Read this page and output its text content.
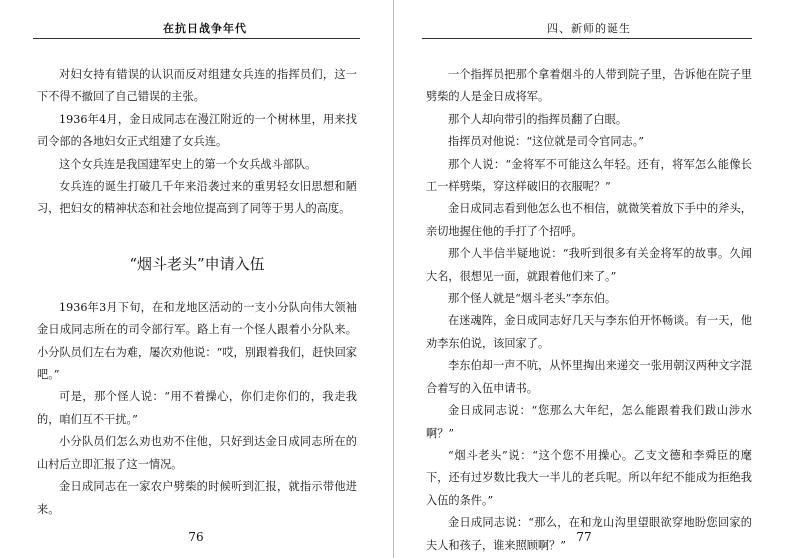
在抗日战争年代

对妇女持有错误的认识而反对组建女兵连的指挥员们，这一下不得不撤回了自己错误的主张。

1936年4月，金日成同志在漫江附近的一个树林里，用来找司令部的各地妇女正式组建了女兵连。

这个女兵连是我国建军史上的第一个女兵战斗部队。

女兵连的诞生打破几千年来沿袭过来的重男轻女旧思想和陋习，把妇女的精神状态和社会地位提高到了同等于男人的高度。

“烟斗老头”申请入伍

1936年3月下旬，在和龙地区活动的一支小分队向伟大领袖金日成同志所在的司令部行军。路上有一个怪人跟着小分队来。小分队员们左右为难，屡次劝他说：“哎，别跟着我们，赶快回家吧。”

可是，那个怪人说：“用不着操心，你们走你们的，我走我的，咱们互不干扰。”

小分队员们怎么劝也劝不住他，只好到达金日成同志所在的山村后立即汇报了这一情况。

金日成同志在一家农户劈柴的时候听到汇报，就指示带他进来。

76
四、新师的诞生

一个指挥员把那个拿着烟斗的人带到院子里，告诉他在院子里劈柴的人是金日成将军。

那个人却向带引的指挥员翻了白眼。

指挥员对他说：“这位就是司令官同志。”

那个人说：“金将军不可能这么年轻。还有，将军怎么能像长工一样劈柴，穿这样破旧的衣服呢？”

金日成同志看到他怎么也不相信，就微笑着放下手中的斧头，亲切地握住他的手打了个招呼。

那个人半信半疑地说：“我听到很多有关金将军的故事。久闻大名，很想见一面，就跟着他们来了。”

那个怪人就是“烟斗老头”李东伯。

在迷魂阵，金日成同志好几天与李东伯开怀畅谈。有一天，他劝李东伯说，该回家了。

李东伯却一声不吭，从怀里掏出来递交一张用朝汉两种文字混合着写的入伍申请书。

金日成同志说：“您那么大年纪，怎么能跟着我们跋山涉水啊？”

“烟斗老头”说：“这个您不用操心。乙支文德和李舜臣的麾下，还有过岁数比我大一半儿的老兵呢。所以年纪不能成为拒绝我入伍的条件。”

金日成同志说：“那么，在和龙山沟里望眼欲穿地盼您回家的夫人和孩子，谁来照顾啊？”

77
